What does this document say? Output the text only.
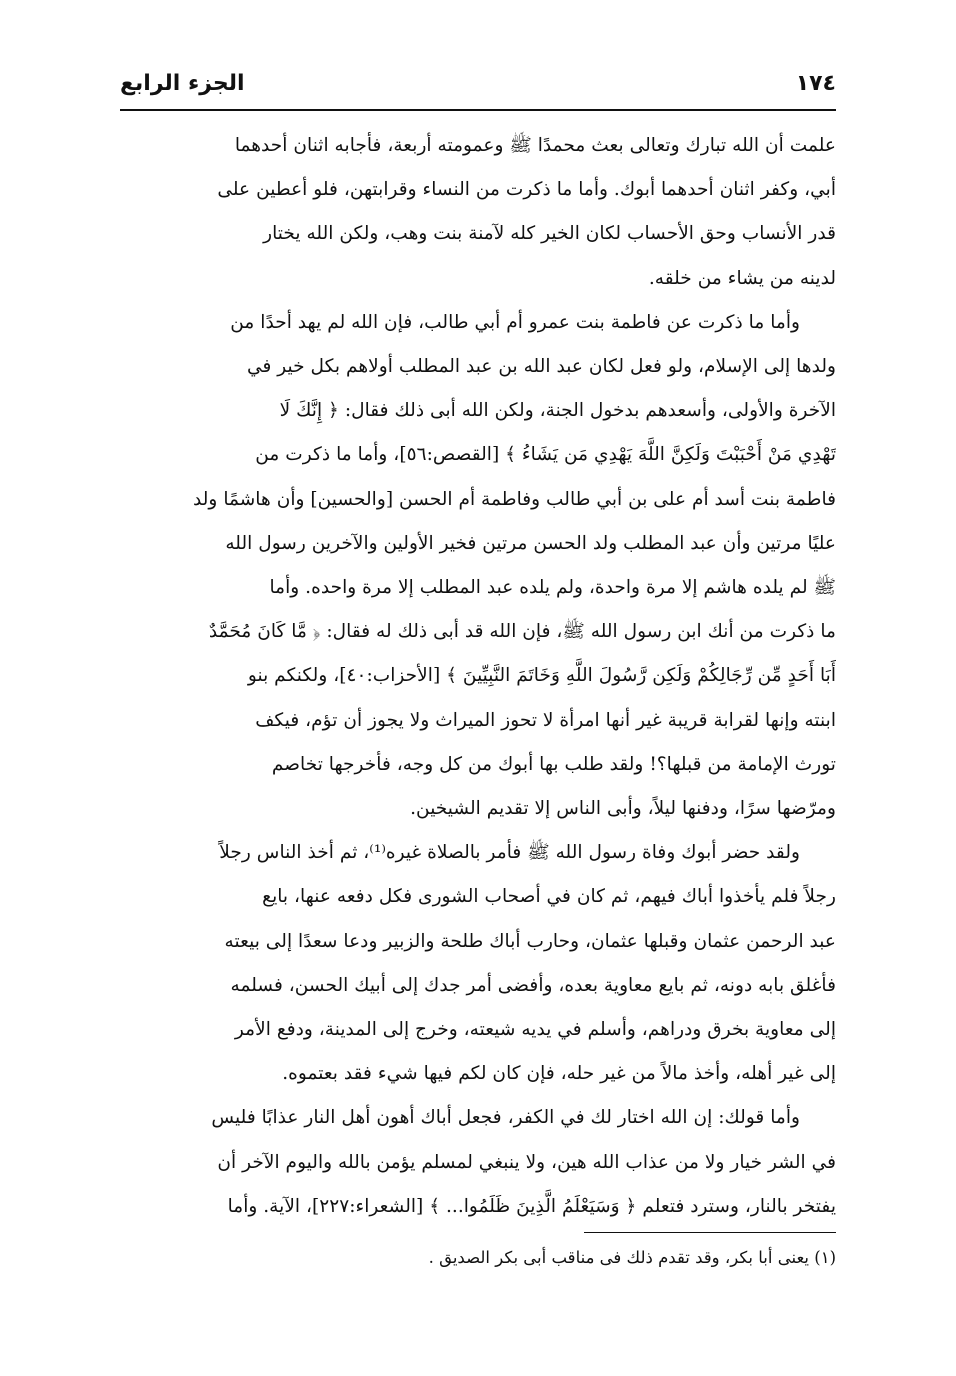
١٧٤
الجزء الرابع

علمت أن الله تبارك وتعالى بعث محمدًا ﷺ وعمومته أربعة، فأجابه اثنان أحدهما
أبي، وكفر اثنان أحدهما أبوك. وأما ما ذكرت من النساء وقرابتهن، فلو أعطين على
قدر الأنساب وحق الأحساب لكان الخير كله لآمنة بنت وهب، ولكن الله يختار
لدينه من يشاء من خلقه.

وأما ما ذكرت عن فاطمة بنت عمرو أم أبي طالب، فإن الله لم يهد أحدًا من
ولدها إلى الإسلام، ولو فعل لكان عبد الله بن عبد المطلب أولاهم بكل خير في
الآخرة والأولى، وأسعدهم بدخول الجنة، ولكن الله أبى ذلك فقال: ﴿ إِنَّكَ لَا
تَهْدِي مَنْ أَحْبَبْتَ وَلَكِنَّ اللَّهَ يَهْدِي مَن يَشَاءُ ﴾ [القصص:٥٦]، وأما ما ذكرت من
فاطمة بنت أسد أم على بن أبي طالب وفاطمة أم الحسن [والحسين] وأن هاشمًا ولد
عليًا مرتين وأن عبد المطلب ولد الحسن مرتين فخير الأولين والآخرين رسول الله
ﷺ لم يلده هاشم إلا مرة واحدة، ولم يلده عبد المطلب إلا مرة واحده. وأما
ما ذكرت من أنك ابن رسول الله ﷺ، فإن الله قد أبى ذلك له فقال: ﴿ مَّا كَانَ مُحَمَّدٌ
أَبَا أَحَدٍ مِّن رِّجَالِكُمْ وَلَكِن رَّسُولَ اللَّهِ وَخَاتَمَ النَّبِيِّينَ ﴾ [الأحزاب:٤٠]، ولكنكم بنو
ابنته وإنها لقرابة قريبة غير أنها امرأة لا تحوز الميراث ولا يجوز أن تؤم، فيكف
تورث الإمامة من قبلها؟! ولقد طلب بها أبوك من كل وجه، فأخرجها تخاصم
ومرّضها سرًا، ودفنها ليلاً، وأبى الناس إلا تقديم الشيخين.

ولقد حضر أبوك وفاة رسول الله ﷺ فأمر بالصلاة غيره⁽¹⁾، ثم أخذ الناس رجلاً
رجلاً فلم يأخذوا أباك فيهم، ثم كان في أصحاب الشورى فكل دفعه عنها، بايع
عبد الرحمن عثمان وقبلها عثمان، وحارب أباك طلحة والزبير ودعا سعدًا إلى بيعته
فأغلق بابه دونه، ثم بايع معاوية بعده، وأفضى أمر جدك إلى أبيك الحسن، فسلمه
إلى معاوية بخرق ودراهم، وأسلم في يديه شيعته، وخرج إلى المدينة، ودفع الأمر
إلى غير أهله، وأخذ مالاً من غير حله، فإن كان لكم فيها شيء فقد بعتموه.

وأما قولك: إن الله اختار لك في الكفر، فجعل أباك أهون أهل النار عذابًا فليس
في الشر خيار ولا من عذاب الله هين، ولا ينبغي لمسلم يؤمن بالله واليوم الآخر أن
يفتخر بالنار، وسترد فتعلم ﴿ وَسَيَعْلَمُ الَّذِينَ ظَلَمُوا... ﴾ [الشعراء:٢٢٧]، الآية. وأما

(١) يعنى أبا بكر، وقد تقدم ذلك فى مناقب أبى بكر الصديق .
